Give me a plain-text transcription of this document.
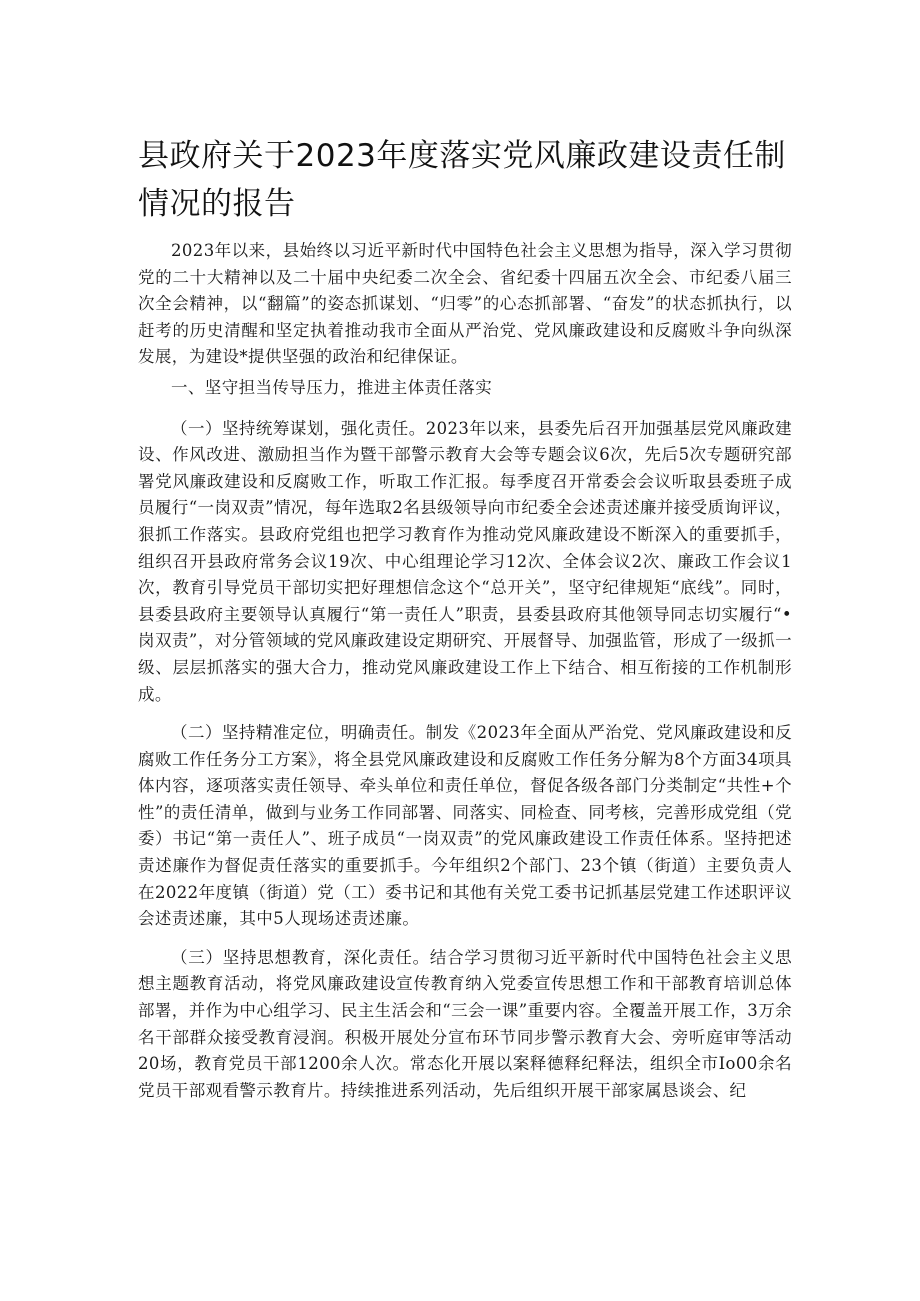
县政府关于2023年度落实党风廉政建设责任制情况的报告

2023年以来，县始终以习近平新时代中国特色社会主义思想为指导，深入学习贯彻党的二十大精神以及二十届中央纪委二次全会、省纪委十四届五次全会、市纪委八届三次全会精神，以“翻篇”的姿态抓谋划、“归零”的心态抓部署、“奋发”的状态抓执行，以赶考的历史清醒和坚定执着推动我市全面从严治党、党风廉政建设和反腐败斗争向纵深发展，为建设*提供坚强的政治和纪律保证。

一、坚守担当传导压力，推进主体责任落实

（一）坚持统筹谋划，强化责任。2023年以来，县委先后召开加强基层党风廉政建设、作风改进、激励担当作为暨干部警示教育大会等专题会议6次，先后5次专题研究部署党风廉政建设和反腐败工作，听取工作汇报。每季度召开常委会会议听取县委班子成员履行“一岗双责”情况，每年选取2名县级领导向市纪委全会述责述廉并接受质询评议，狠抓工作落实。县政府党组也把学习教育作为推动党风廉政建设不断深入的重要抓手，组织召开县政府常务会议19次、中心组理论学习12次、全体会议2次、廉政工作会议1次，教育引导党员干部切实把好理想信念这个“总开关”，坚守纪律规矩“底线”。同时，县委县政府主要领导认真履行“第一责任人”职责，县委县政府其他领导同志切实履行“•岗双责”，对分管领域的党风廉政建设定期研究、开展督导、加强监管，形成了一级抓一级、层层抓落实的强大合力，推动党风廉政建设工作上下结合、相互衔接的工作机制形成。

（二）坚持精准定位，明确责任。制发《2023年全面从严治党、党风廉政建设和反腐败工作任务分工方案》，将全县党风廉政建设和反腐败工作任务分解为8个方面34项具体内容，逐项落实责任领导、牵头单位和责任单位，督促各级各部门分类制定“共性+个性”的责任清单，做到与业务工作同部署、同落实、同检查、同考核，完善形成党组（党委）书记“第一责任人”、班子成员“一岗双责”的党风廉政建设工作责任体系。坚持把述责述廉作为督促责任落实的重要抓手。今年组织2个部门、23个镇（街道）主要负责人在2022年度镇（街道）党（工）委书记和其他有关党工委书记抓基层党建工作述职评议会述责述廉，其中5人现场述责述廉。

（三）坚持思想教育，深化责任。结合学习贯彻习近平新时代中国特色社会主义思想主题教育活动，将党风廉政建设宣传教育纳入党委宣传思想工作和干部教育培训总体部署，并作为中心组学习、民主生活会和“三会一课”重要内容。全覆盖开展工作，3万余名干部群众接受教育浸润。积极开展处分宣布环节同步警示教育大会、旁听庭审等活动20场，教育党员干部1200余人次。常态化开展以案释德释纪释法，组织全市Io00余名党员干部观看警示教育片。持续推进系列活动，先后组织开展干部家属恳谈会、纪
